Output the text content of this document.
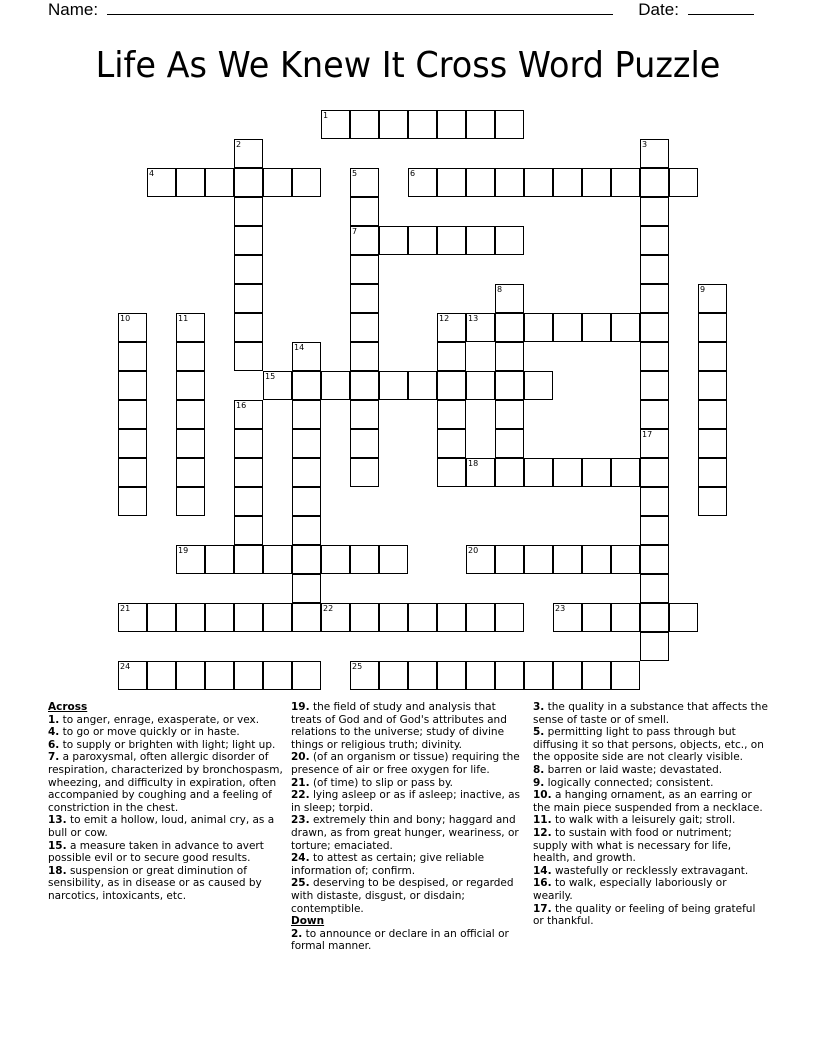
Name:	Date:
Life As We Knew It Cross Word Puzzle
1
2	3
17
4	5
7
6
8	9
10	11	12 13
14
15
16
18
19	20
21	22	23
24	25
Across
1. to anger, enrage, exasperate, or vex.
4. to go or move quickly or in haste.
6. to supply or brighten with light; light up.
7. a paroxysmal, often allergic disorder of respiration, characterized by bronchospasm, wheezing, and difficulty in expiration, often accompanied by coughing and a feeling of constriction in the chest.
13. to emit a hollow, loud, animal cry, as a bull or cow.
15. a measure taken in advance to avert possible evil or to secure good results.
18. suspension or great diminution of sensibility, as in disease or as caused by narcotics, intoxicants, etc.
19. the field of study and analysis that treats of God and of God's attributes and relations to the universe; study of divine things or religious truth; divinity.
20. (of an organism or tissue) requiring the presence of air or free oxygen for life.
21. (of time) to slip or pass by.
22. lying asleep or as if asleep; inactive, as in sleep; torpid.
23. extremely thin and bony; haggard and drawn, as from great hunger, weariness, or torture; emaciated.
24. to attest as certain; give reliable information of; confirm.
25. deserving to be despised, or regarded with distaste, disgust, or disdain; contemptible.
Down
2. to announce or declare in an official or formal manner.
3. the quality in a substance that affects the sense of taste or of smell.
5. permitting light to pass through but diffusing it so that persons, objects, etc., on the opposite side are not clearly visible.
8. barren or laid waste; devastated.
9. logically connected; consistent.
10. a hanging ornament, as an earring or the main piece suspended from a necklace.
11. to walk with a leisurely gait; stroll.
12. to sustain with food or nutriment; supply with what is necessary for life, health, and growth.
14. wastefully or recklessly extravagant.
16. to walk, especially laboriously or wearily.
17. the quality or feeling of being grateful or thankful.
